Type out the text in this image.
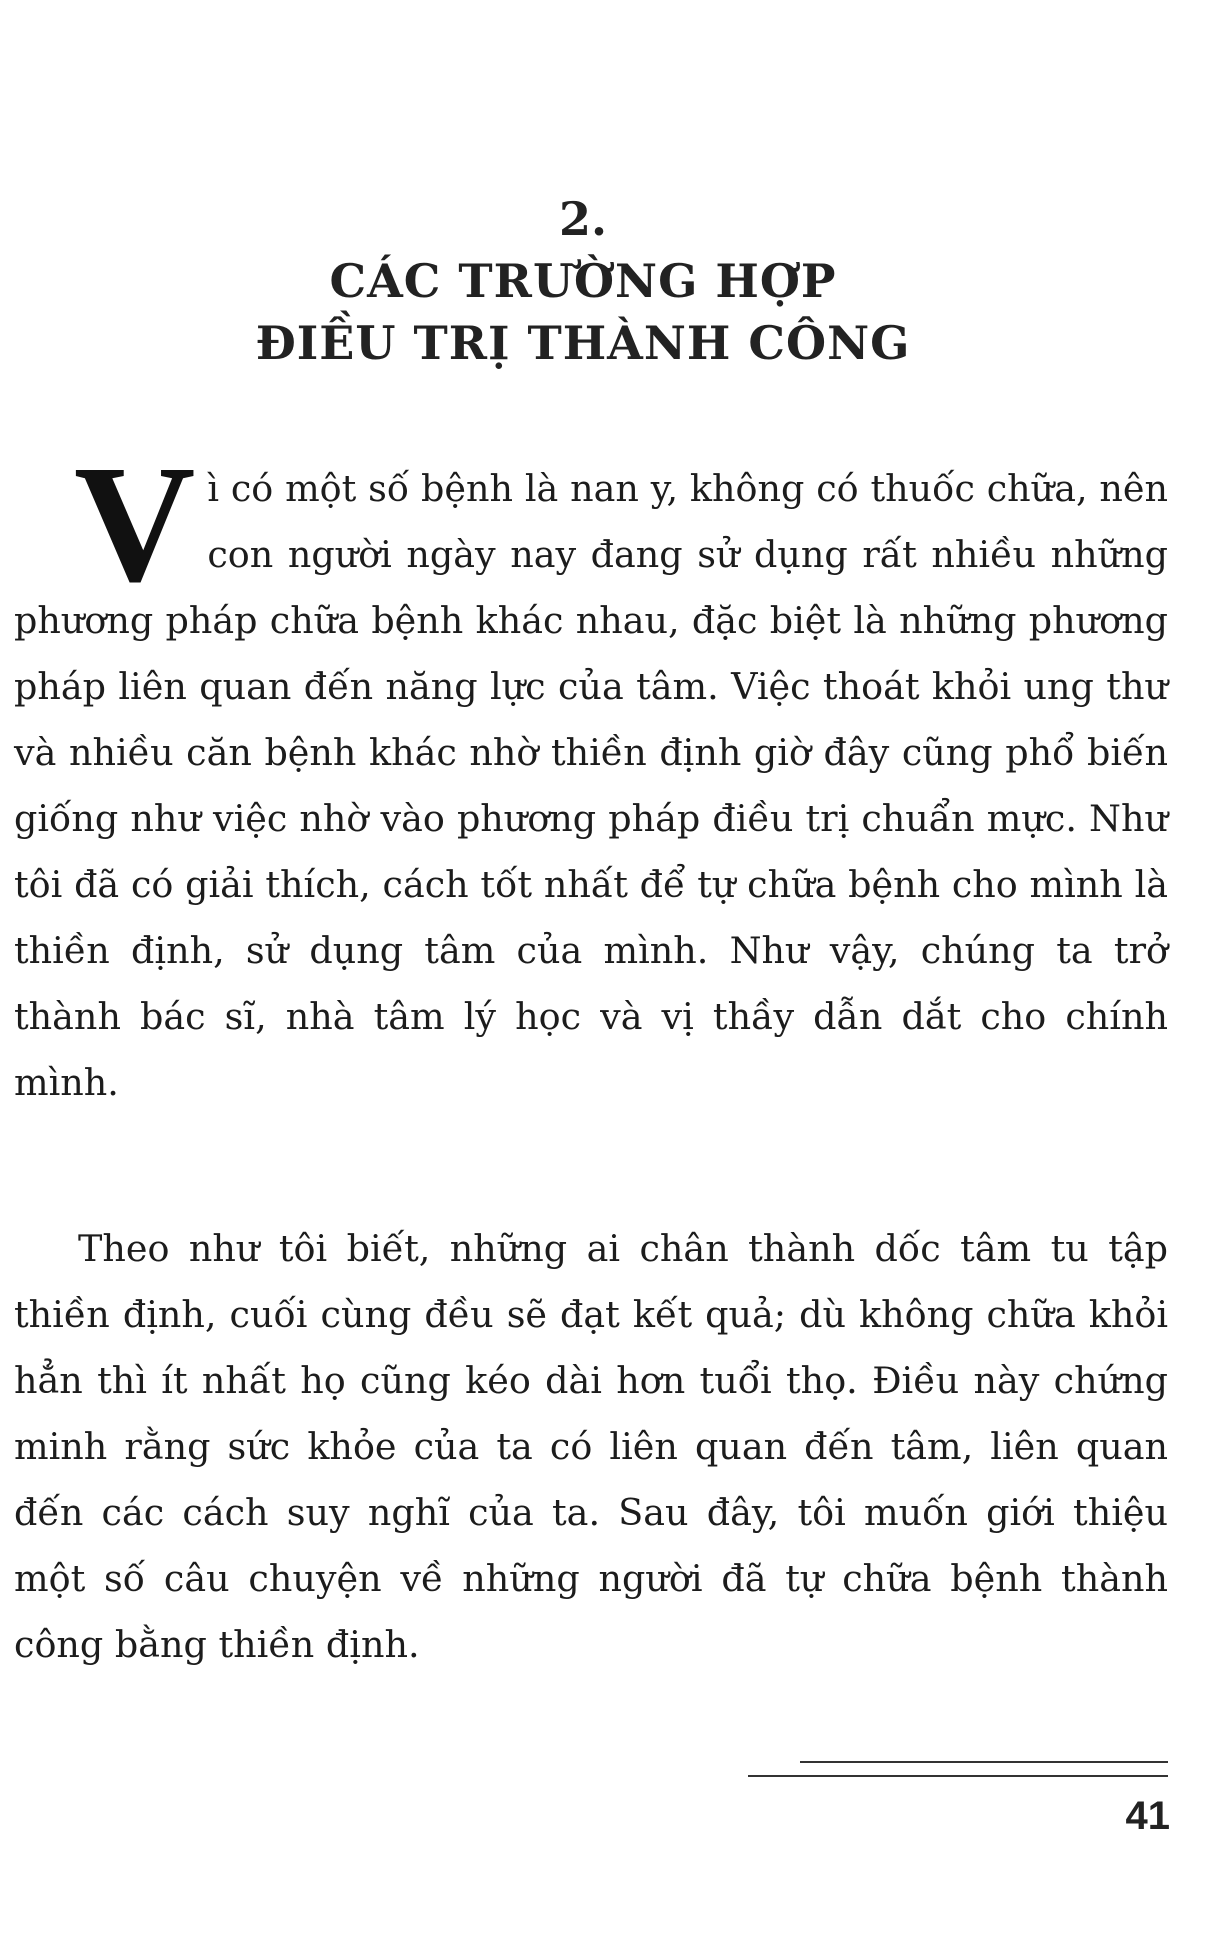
2.
CÁC TRƯỜNG HỢP
ĐIỀU TRỊ THÀNH CÔNG
Vì có một số bệnh là nan y, không có thuốc chữa, nên con người ngày nay đang sử dụng rất nhiều những phương pháp chữa bệnh khác nhau, đặc biệt là những phương pháp liên quan đến năng lực của tâm. Việc thoát khỏi ung thư và nhiều căn bệnh khác nhờ thiền định giờ đây cũng phổ biến giống như việc nhờ vào phương pháp điều trị chuẩn mực. Như tôi đã có giải thích, cách tốt nhất để tự chữa bệnh cho mình là thiền định, sử dụng tâm của mình. Như vậy, chúng ta trở thành bác sĩ, nhà tâm lý học và vị thầy dẫn dắt cho chính mình.
Theo như tôi biết, những ai chân thành dốc tâm tu tập thiền định, cuối cùng đều sẽ đạt kết quả; dù không chữa khỏi hẳn thì ít nhất họ cũng kéo dài hơn tuổi thọ. Điều này chứng minh rằng sức khỏe của ta có liên quan đến tâm, liên quan đến các cách suy nghĩ của ta. Sau đây, tôi muốn giới thiệu một số câu chuyện về những người đã tự chữa bệnh thành công bằng thiền định.
41
